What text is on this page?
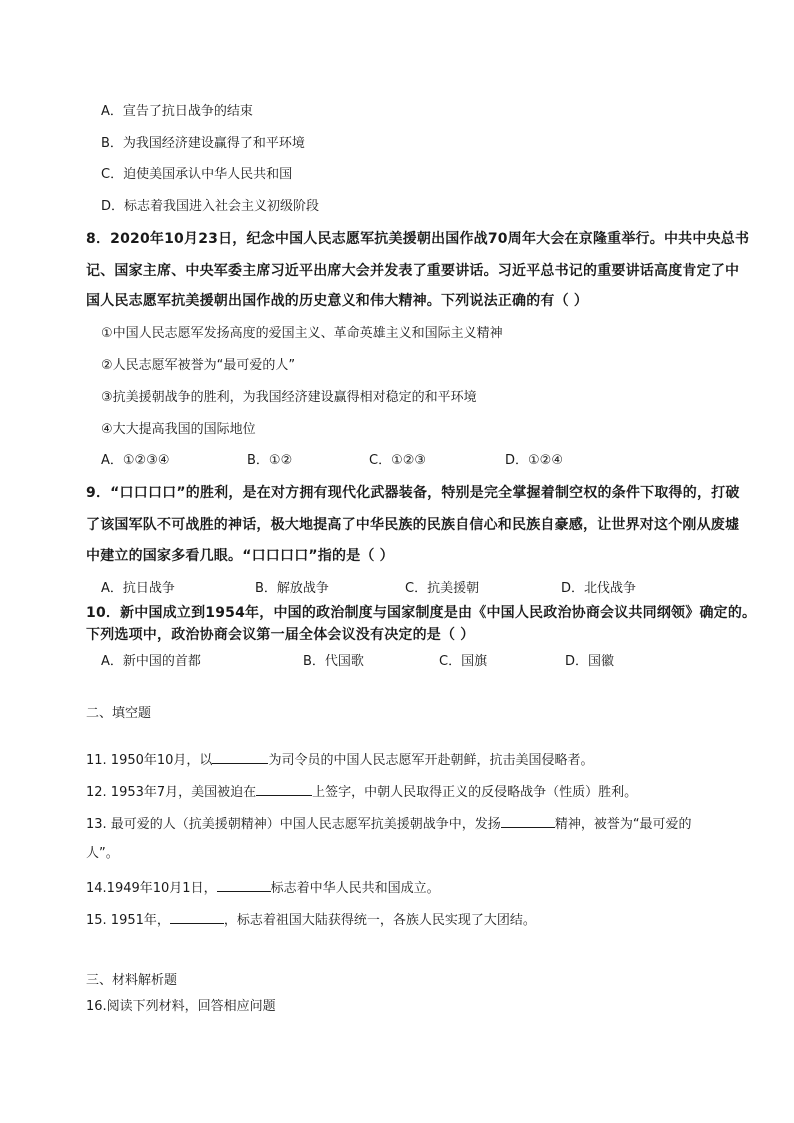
A．宣告了抗日战争的结束
B．为我国经济建设赢得了和平环境
C．迫使美国承认中华人民共和国
D．标志着我国进入社会主义初级阶段
8．2020年10月23日，纪念中国人民志愿军抗美援朝出国作战70周年大会在京隆重举行。中共中央总书
记、国家主席、中央军委主席习近平出席大会并发表了重要讲话。习近平总书记的重要讲话高度肯定了中
国人民志愿军抗美援朝出国作战的历史意义和伟大精神。下列说法正确的有（ ）
①中国人民志愿军发扬高度的爱国主义、革命英雄主义和国际主义精神
②人民志愿军被誉为“最可爱的人”
③抗美援朝战争的胜利，为我国经济建设赢得相对稳定的和平环境
④大大提高我国的国际地位
A．①②③④	B．①②	C．①②③	D．①②④
9．“口口口口”的胜利，是在对方拥有现代化武器装备，特别是完全掌握着制空权的条件下取得的，打破
了该国军队不可战胜的神话，极大地提高了中华民族的民族自信心和民族自豪感，让世界对这个刚从废墟
中建立的国家多看几眼。“口口口口”指的是（ ）
A．抗日战争	B．解放战争	C．抗美援朝	D．北伐战争
10．新中国成立到1954年，中国的政治制度与国家制度是由《中国人民政治协商会议共同纲领》确定的。
下列选项中，政治协商会议第一届全体会议没有决定的是（ ）
A．新中国的首都	B．代国歌	C．国旗	D．国徽
二、填空题
11. 1950年10月，以	为司令员的中国人民志愿军开赴朝鲜，抗击美国侵略者。
12. 1953年7月，美国被迫在	上签字，中朝人民取得正义的反侵略战争（性质）胜利。
13. 最可爱的人（抗美援朝精神）中国人民志愿军抗美援朝战争中，发扬	精神，被誉为“最可爱的
人”。
14.1949年10月1日，	标志着中华人民共和国成立。
15. 1951年，	，标志着祖国大陆获得统一，各族人民实现了大团结。
三、材料解析题
16.阅读下列材料，回答相应问题
